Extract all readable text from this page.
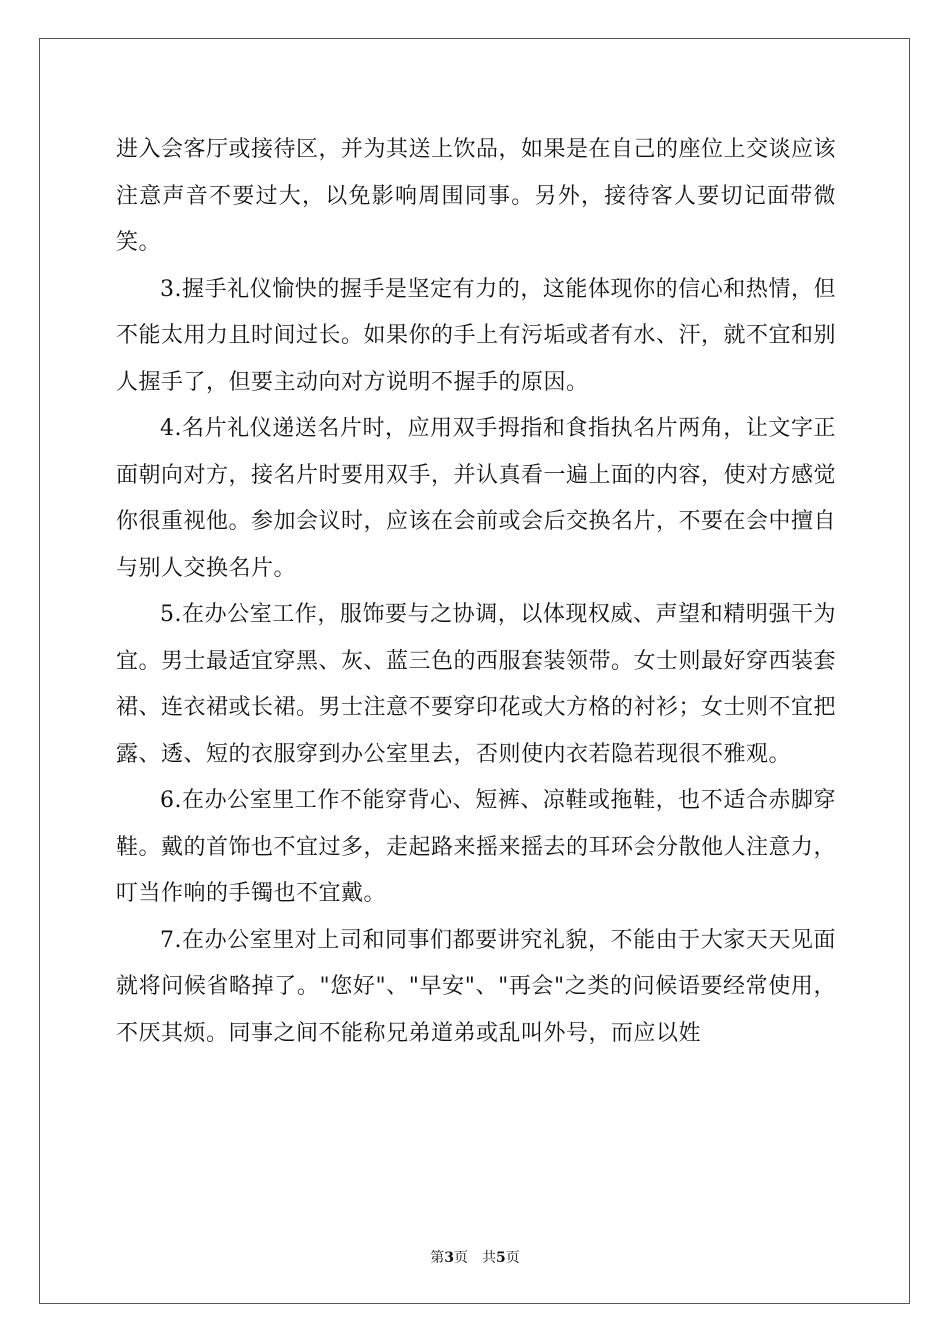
进入会客厅或接待区，并为其送上饮品，如果是在自己的座位上交谈应该注意声音不要过大，以免影响周围同事。另外，接待客人要切记面带微笑。

3.握手礼仪愉快的握手是坚定有力的，这能体现你的信心和热情，但不能太用力且时间过长。如果你的手上有污垢或者有水、汗，就不宜和别人握手了，但要主动向对方说明不握手的原因。

4.名片礼仪递送名片时，应用双手拇指和食指执名片两角，让文字正面朝向对方，接名片时要用双手，并认真看一遍上面的内容，使对方感觉你很重视他。参加会议时，应该在会前或会后交换名片，不要在会中擅自与别人交换名片。

5.在办公室工作，服饰要与之协调，以体现权威、声望和精明强干为宜。男士最适宜穿黑、灰、蓝三色的西服套装领带。女士则最好穿西装套裙、连衣裙或长裙。男士注意不要穿印花或大方格的衬衫；女士则不宜把露、透、短的衣服穿到办公室里去，否则使内衣若隐若现很不雅观。

6.在办公室里工作不能穿背心、短裤、凉鞋或拖鞋，也不适合赤脚穿鞋。戴的首饰也不宜过多，走起路来摇来摇去的耳环会分散他人注意力，叮当作响的手镯也不宜戴。

7.在办公室里对上司和同事们都要讲究礼貌，不能由于大家天天见面就将问候省略掉了。"您好"、"早安"、"再会"之类的问候语要经常使用，不厌其烦。同事之间不能称兄弟道弟或乱叫外号，而应以姓

第3页　共5页
